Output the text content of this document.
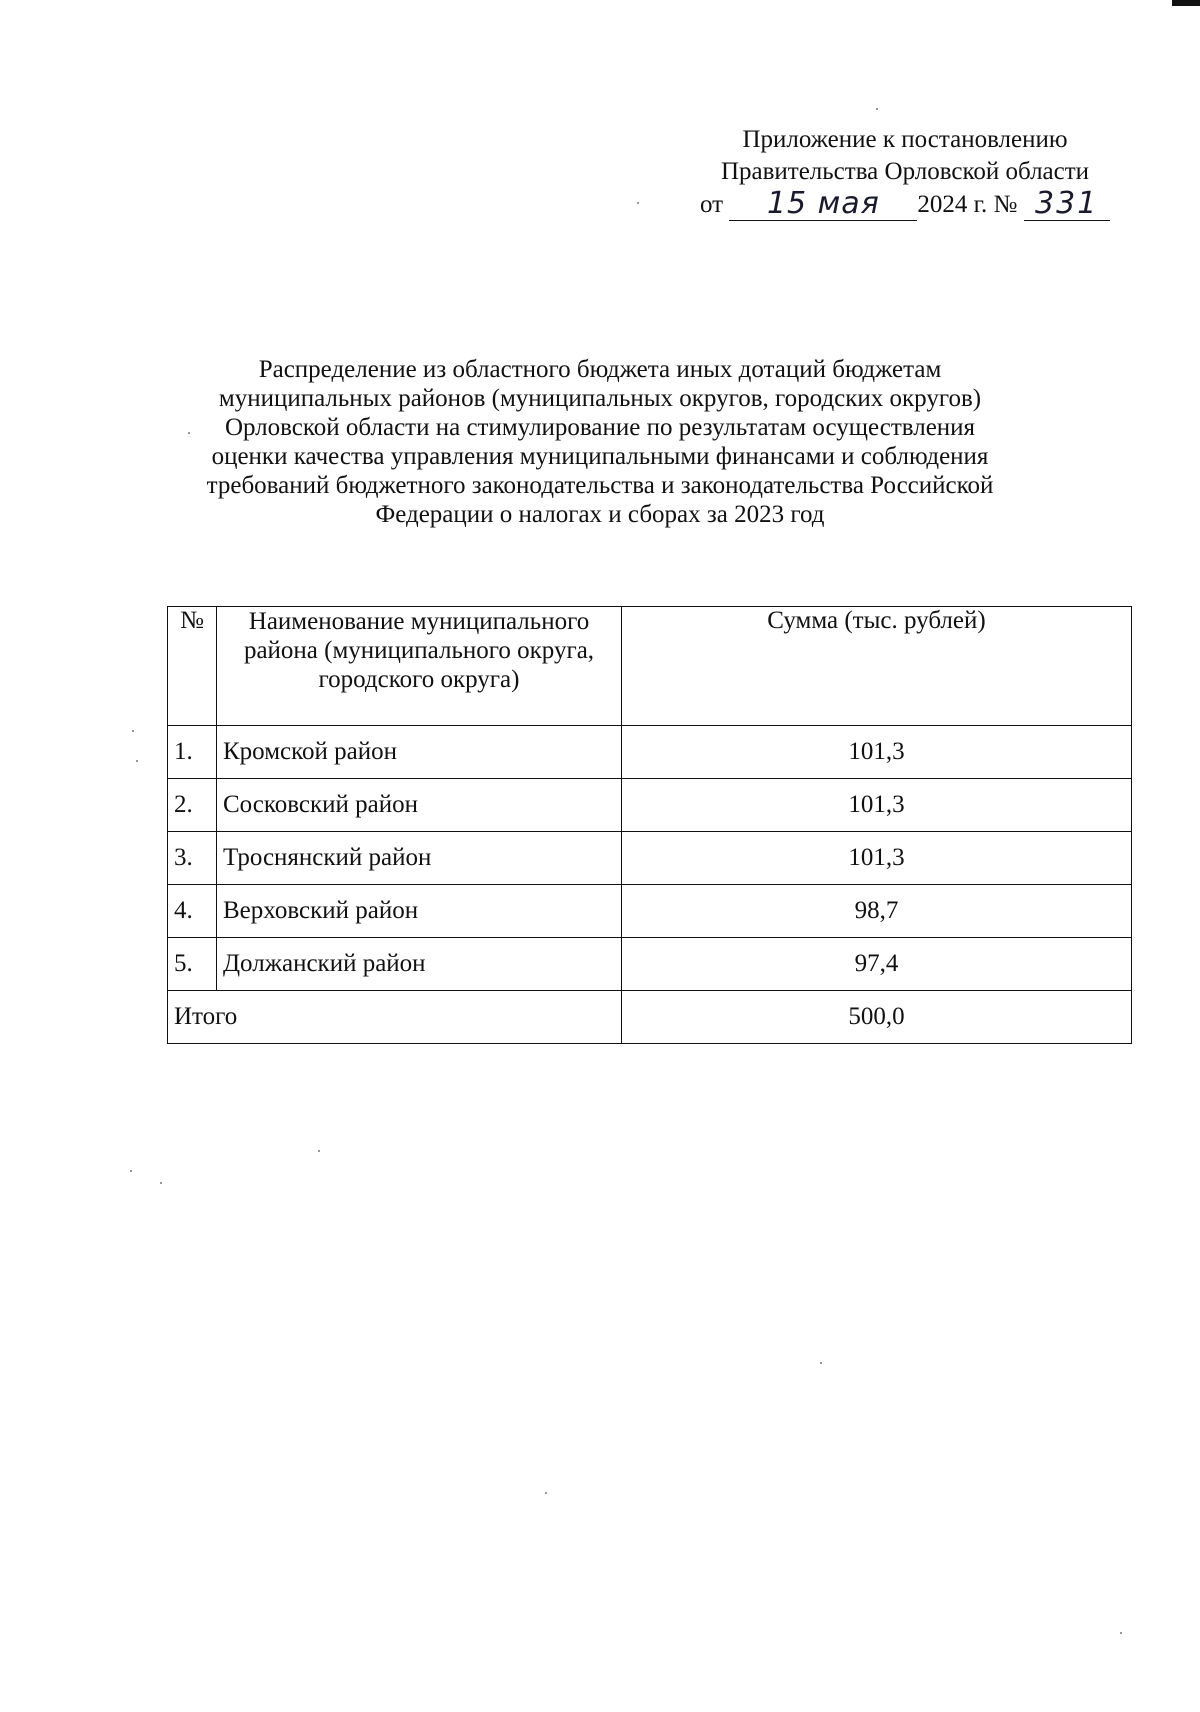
Приложение к постановлению
Правительства Орловской области
от 15 мая 2024 г. № 331
Распределение из областного бюджета иных дотаций бюджетам
муниципальных районов (муниципальных округов, городских округов)
Орловской области на стимулирование по результатам осуществления
оценки качества управления муниципальными финансами и соблюдения
требований бюджетного законодательства и законодательства Российской
Федерации о налогах и сборах за 2023 год
№	Наименование муниципального района (муниципального округа, городского округа)	Сумма (тыс. рублей)
1.	Кромской район	101,3
2.	Сосковский район	101,3
3.	Троснянский район	101,3
4.	Верховский район	98,7
5.	Должанский район	97,4
Итого		500,0
